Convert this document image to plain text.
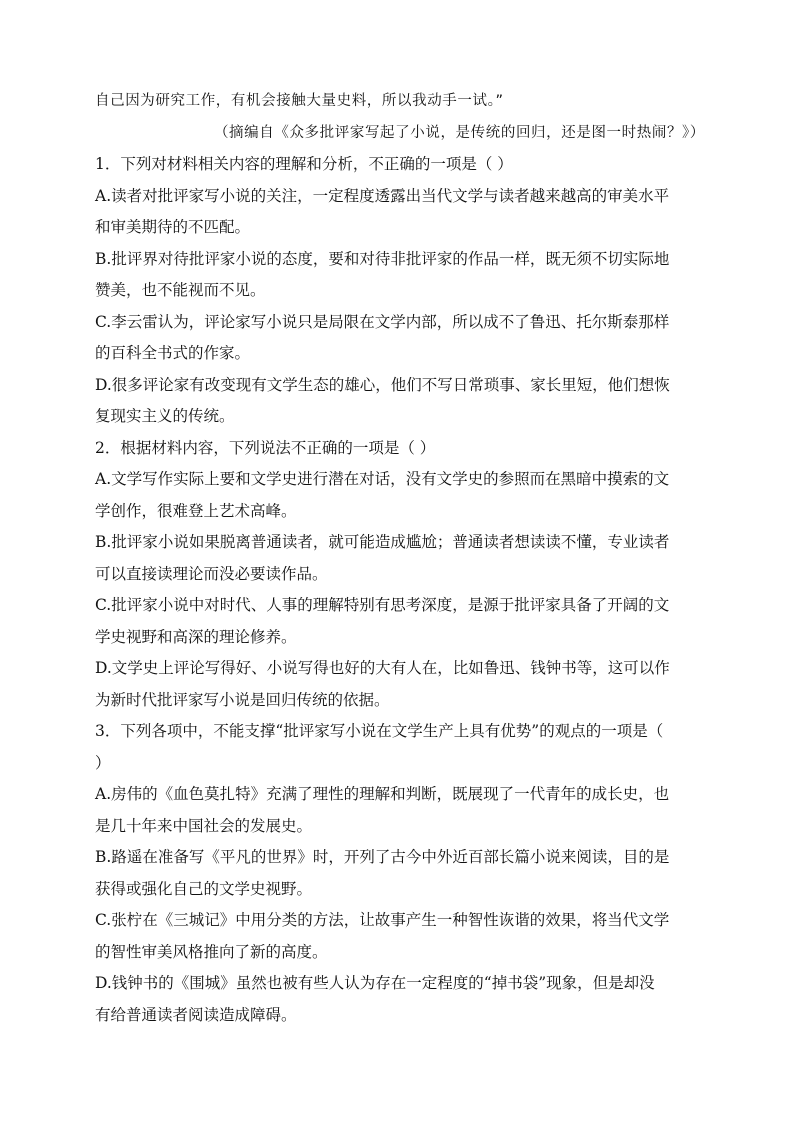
自己因为研究工作，有机会接触大量史料，所以我动手一试。”
（摘编自《众多批评家写起了小说，是传统的回归，还是图一时热闹？》）
1．下列对材料相关内容的理解和分析，不正确的一项是（ ）
A.读者对批评家写小说的关注，一定程度透露出当代文学与读者越来越高的审美水平
和审美期待的不匹配。
B.批评界对待批评家小说的态度，要和对待非批评家的作品一样，既无须不切实际地
赞美，也不能视而不见。
C.李云雷认为，评论家写小说只是局限在文学内部，所以成不了鲁迅、托尔斯泰那样
的百科全书式的作家。
D.很多评论家有改变现有文学生态的雄心，他们不写日常琐事、家长里短，他们想恢
复现实主义的传统。
2．根据材料内容，下列说法不正确的一项是（ ）
A.文学写作实际上要和文学史进行潜在对话，没有文学史的参照而在黑暗中摸索的文
学创作，很难登上艺术高峰。
B.批评家小说如果脱离普通读者，就可能造成尴尬；普通读者想读读不懂，专业读者
可以直接读理论而没必要读作品。
C.批评家小说中对时代、人事的理解特别有思考深度，是源于批评家具备了开阔的文
学史视野和高深的理论修养。
D.文学史上评论写得好、小说写得也好的大有人在，比如鲁迅、钱钟书等，这可以作
为新时代批评家写小说是回归传统的依据。
3．下列各项中，不能支撑“批评家写小说在文学生产上具有优势”的观点的一项是（
）
A.房伟的《血色莫扎特》充满了理性的理解和判断，既展现了一代青年的成长史，也
是几十年来中国社会的发展史。
B.路遥在准备写《平凡的世界》时，开列了古今中外近百部长篇小说来阅读，目的是
获得或强化自己的文学史视野。
C.张柠在《三城记》中用分类的方法，让故事产生一种智性诙谐的效果，将当代文学
的智性审美风格推向了新的高度。
D.钱钟书的《围城》虽然也被有些人认为存在一定程度的“掉书袋”现象，但是却没
有给普通读者阅读造成障碍。
